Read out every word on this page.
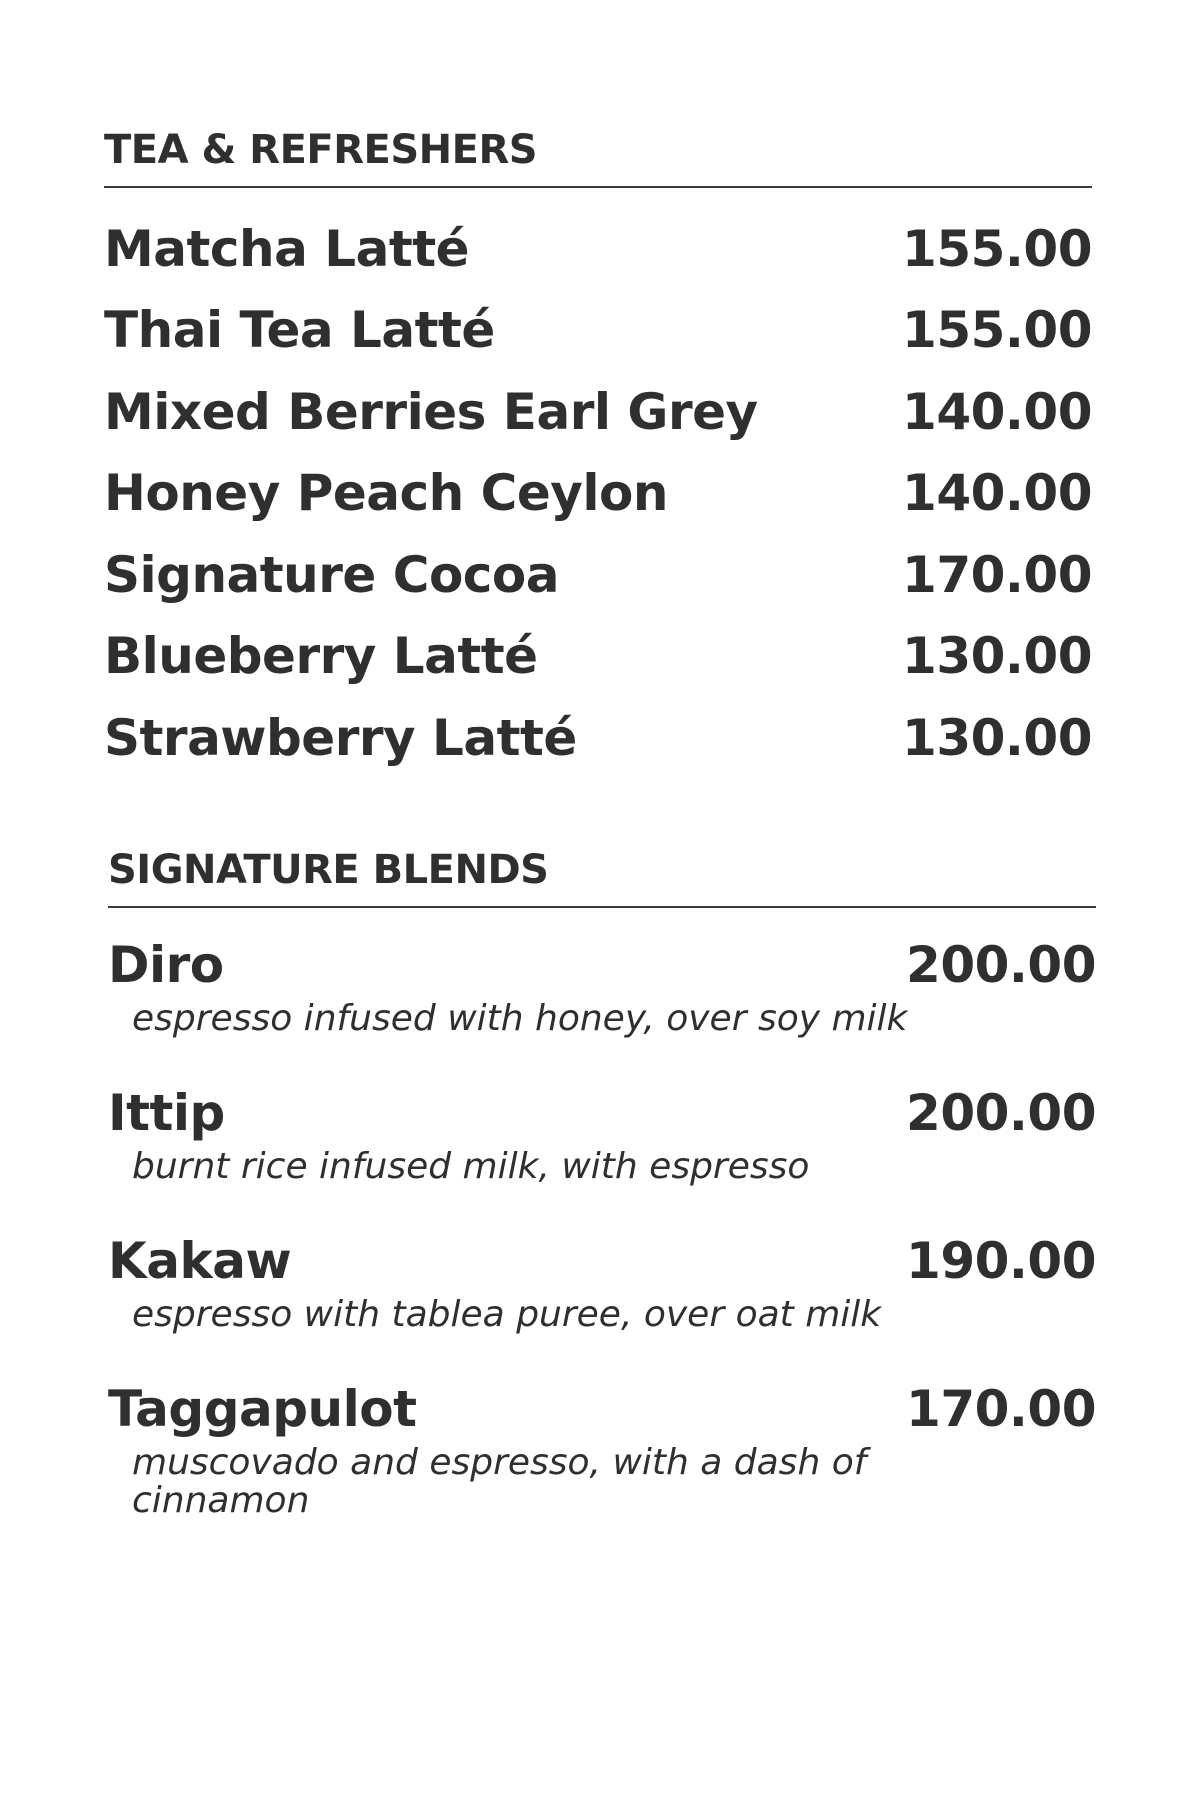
TEA & REFRESHERS
Matcha Latté	155.00
Thai Tea Latté	155.00
Mixed Berries Earl Grey	140.00
Honey Peach Ceylon	140.00
Signature Cocoa	170.00
Blueberry Latté	130.00
Strawberry Latté	130.00
SIGNATURE BLENDS
Diro	200.00
espresso infused with honey, over soy milk
Ittip	200.00
burnt rice infused milk, with espresso
Kakaw	190.00
espresso with tablea puree, over oat milk
Taggapulot	170.00
muscovado and espresso, with a dash of cinnamon
